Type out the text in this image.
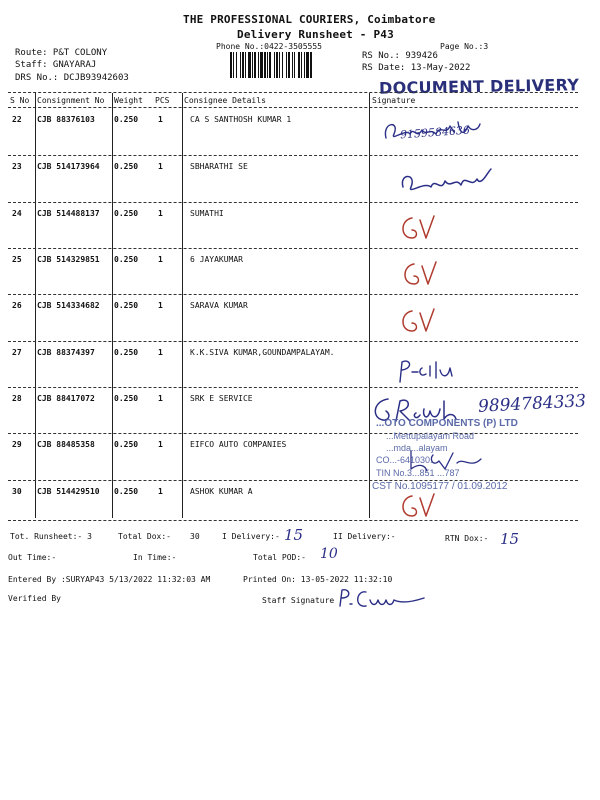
THE PROFESSIONAL COURIERS, Coimbatore
Delivery Runsheet - P43
Phone No.:0422-3505555	Page No.:3
Route: P&T COLONY
Staff: GNAYARAJ
DRS No.: DCJB93942603
RS No.: 939426
RS Date: 13-May-2022
DOCUMENT DELIVERY
S No Consignment No Weight PCS Consignee Details	Signature
22 CJB 88376103 0.250 1	CA S SANTHOSH KUMAR 1
23 CJB 514173964 0.250 1	SBHARATHI SE
24 CJB 514488137 0.250 1	SUMATHI
25 CJB 514329851 0.250 1	6 JAYAKUMAR
26 CJB 514334682 0.250 1	SARAVA KUMAR
27 CJB 88374397 0.250 1	K.K.SIVA KUMAR,GOUNDAMPALAYAM.
28 CJB 88417072 0.250 1	SRK E SERVICE
29 CJB 88485358 0.250 1	EIFCO AUTO COMPANIES
30 CJB 514429510 0.250 1	ASHOK KUMAR A
9159584636
9894784333
...OTO COMPONENTS (P) LTD
...Mettupalayam Road
...mda...alayam
CO...-641030.
TIN No.3...851 ...787
CST No.1095177 / 01.09.2012
Tot. Runsheet:- 3	Total Dox:- 30	I Delivery:- 15	II Delivery:-	RTN Dox:- 15
Out Time:-	In Time:-	Total POD:- 10
Entered By :SURYAP43 5/13/2022 11:32:03 AM	Printed On: 13-05-2022 11:32:10
Verified By	Staff Signature
